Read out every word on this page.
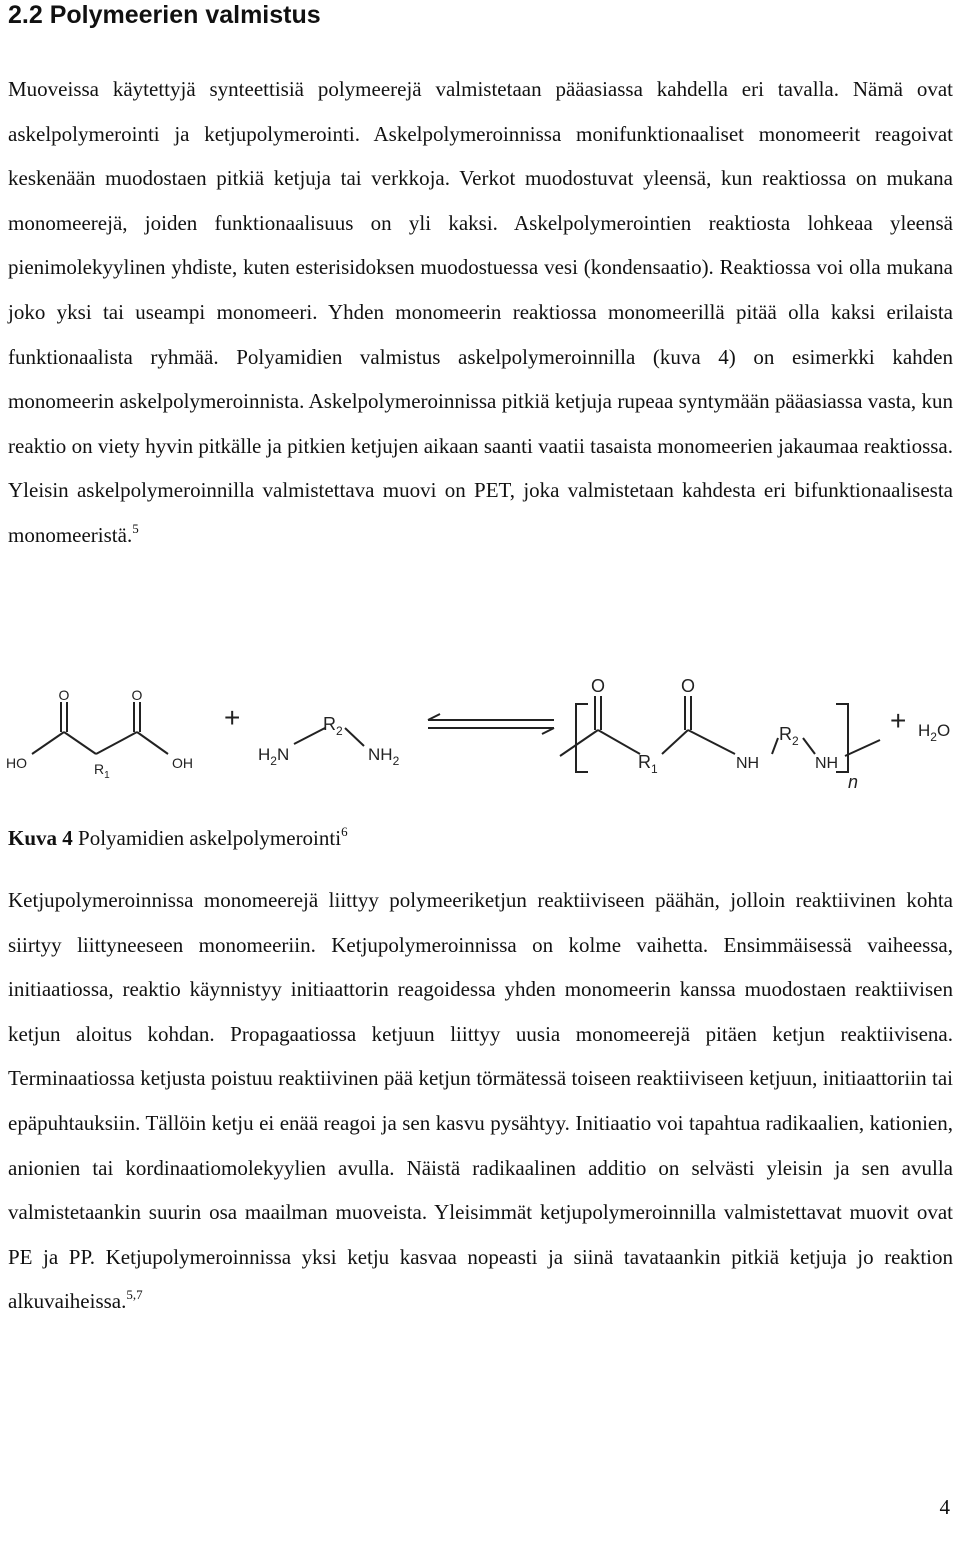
2.2 Polymeerien valmistus

Muoveissa käytettyjä synteettisiä polymeerejä valmistetaan pääasiassa kahdella eri tavalla. Nämä ovat askelpolymerointi ja ketjupolymerointi. Askelpolymeroinnissa monifunktionaaliset monomeerit reagoivat keskenään muodostaen pitkiä ketjuja tai verkkoja. Verkot muodostuvat yleensä, kun reaktiossa on mukana monomeerejä, joiden funktionaalisuus on yli kaksi. Askelpolymerointien reaktiosta lohkeaa yleensä pienimolekyylinen yhdiste, kuten esterisidoksen muodostuessa vesi (kondensaatio). Reaktiossa voi olla mukana joko yksi tai useampi monomeeri. Yhden monomeerin reaktiossa monomeerillä pitää olla kaksi erilaista funktionaalista ryhmää. Polyamidien valmistus askelpolymeroinnilla (kuva 4) on esimerkki kahden monomeerin askelpolymeroinnista. Askelpolymeroinnissa pitkiä ketjuja rupeaa syntymään pääasiassa vasta, kun reaktio on viety hyvin pitkälle ja pitkien ketjujen aikaan saanti vaatii tasaista monomeerien jakaumaa reaktiossa. Yleisin askelpolymeroinnilla valmistettava muovi on PET, joka valmistetaan kahdesta eri bifunktionaalisesta monomeeristä.$^5$

O	O
HO	OH
$R_1$
+	$R_2$
$H_2N$	$NH_2$
O	O
$R_1$	NH
$R_2$
NH
n
+ $H_2O$

Kuva 4 Polyamidien askelpolymerointi$^6$

Ketjupolymeroinnissa monomeerejä liittyy polymeeriketjun reaktiiviseen päähän, jolloin reaktiivinen kohta siirtyy liittyneeseen monomeeriin. Ketjupolymeroinnissa on kolme vaihetta. Ensimmäisessä vaiheessa, initiaatiossa, reaktio käynnistyy initiaattorin reagoidessa yhden monomeerin kanssa muodostaen reaktiivisen ketjun aloitus kohdan. Propagaatiossa ketjuun liittyy uusia monomeerejä pitäen ketjun reaktiivisena. Terminaatiossa ketjusta poistuu reaktiivinen pää ketjun törmätessä toiseen reaktiiviseen ketjuun, initiaattoriin tai epäpuhtauksiin. Tällöin ketju ei enää reagoi ja sen kasvu pysähtyy. Initiaatio voi tapahtua radikaalien, kationien, anionien tai kordinaatiomolekyylien avulla. Näistä radikaalinen additio on selvästi yleisin ja sen avulla valmistetaankin suurin osa maailman muoveista. Yleisimmät ketjupolymeroinnilla valmistettavat muovit ovat PE ja PP. Ketjupolymeroinnissa yksi ketju kasvaa nopeasti ja siinä tavataankin pitkiä ketjuja jo reaktion alkuvaiheissa.$^{5,7}$

4
